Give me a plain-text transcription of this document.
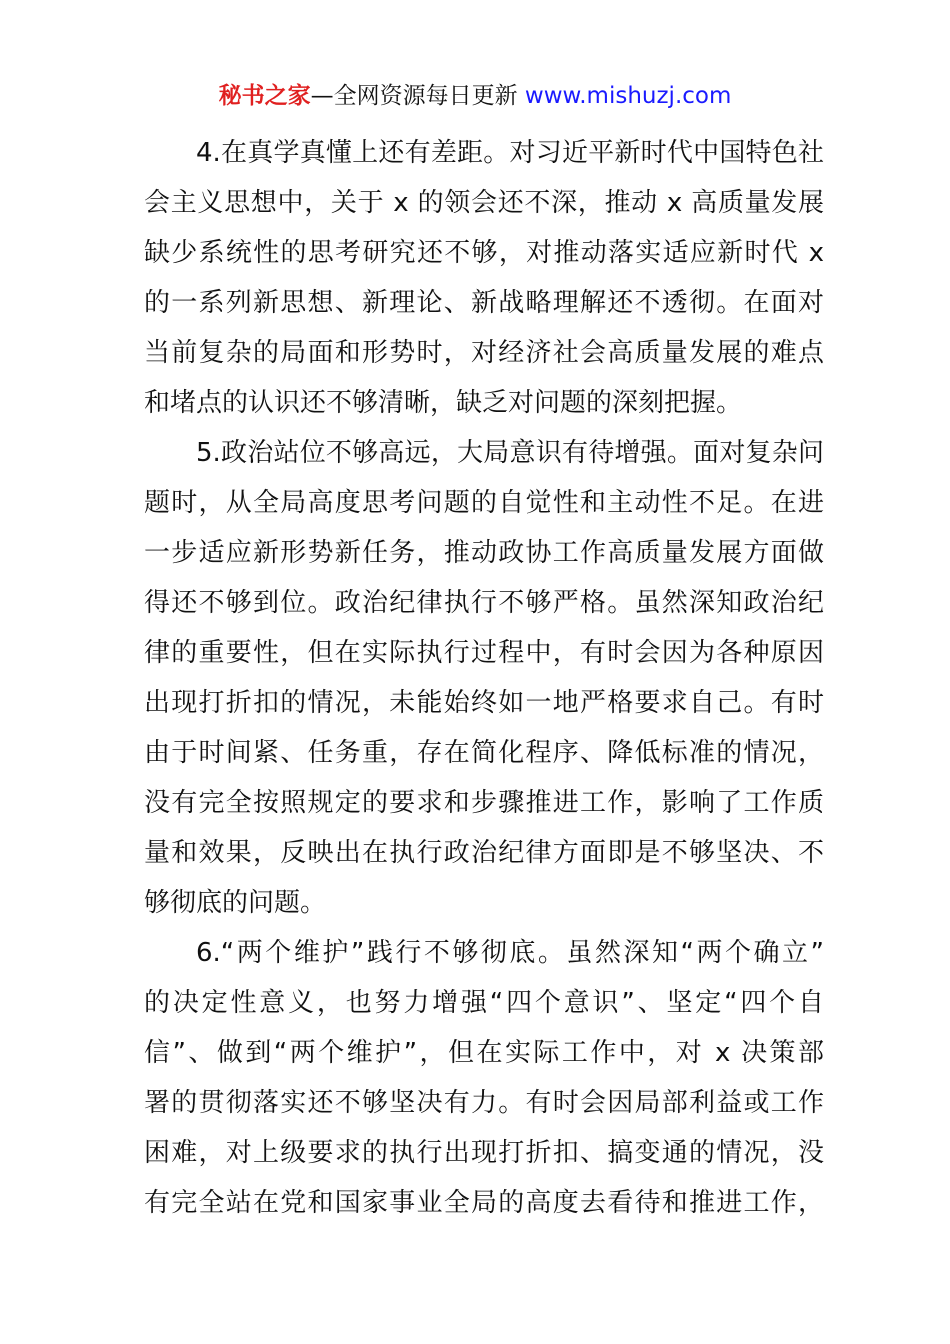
秘书之家—全网资源每日更新 www.mishuzj.com
4.在真学真懂上还有差距。对习近平新时代中国特色社
会主义思想中，关于 x 的领会还不深，推动 x 高质量发展
缺少系统性的思考研究还不够，对推动落实适应新时代 x
的一系列新思想、新理论、新战略理解还不透彻。在面对
当前复杂的局面和形势时，对经济社会高质量发展的难点
和堵点的认识还不够清晰，缺乏对问题的深刻把握。
5.政治站位不够高远，大局意识有待增强。面对复杂问
题时，从全局高度思考问题的自觉性和主动性不足。在进
一步适应新形势新任务，推动政协工作高质量发展方面做
得还不够到位。政治纪律执行不够严格。虽然深知政治纪
律的重要性，但在实际执行过程中，有时会因为各种原因
出现打折扣的情况，未能始终如一地严格要求自己。有时
由于时间紧、任务重，存在简化程序、降低标准的情况，
没有完全按照规定的要求和步骤推进工作，影响了工作质
量和效果，反映出在执行政治纪律方面即是不够坚决、不
够彻底的问题。
6.“两个维护”践行不够彻底。虽然深知“两个确立”
的决定性意义，也努力增强“四个意识”、坚定“四个自
信”、做到“两个维护”，但在实际工作中，对 x 决策部
署的贯彻落实还不够坚决有力。有时会因局部利益或工作
困难，对上级要求的执行出现打折扣、搞变通的情况，没
有完全站在党和国家事业全局的高度去看待和推进工作，
